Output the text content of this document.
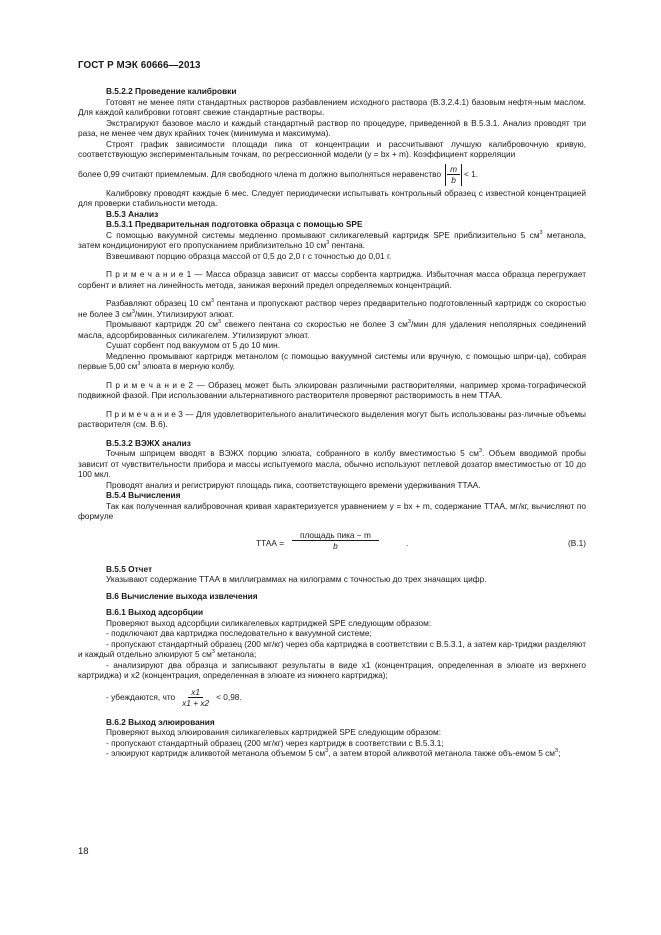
ГОСТ Р МЭК 60666—2013

В.5.2.2 Проведение калибровки

Готовят не менее пяти стандартных растворов разбавлением исходного раствора (В.3.2.4.1) базовым нефтя-ным маслом. Для каждой калибровки готовят свежие стандартные растворы.

Экстрагируют базовое масло и каждый стандартный раствор по процедуре, приведенной в В.5.3.1. Анализ проводят три раза, не менее чем двух крайних точек (минимума и максимума).

Строят график зависимости площади пика от концентрации и рассчитывают лучшую калибровочную кривую, соответствующую экспериментальным точкам, по регрессионной модели (y = bx + m). Коэффициент корреляции

более 0,99 считают приемлемым. Для свободного члена m должно выполняться неравенство $\frac{m}{b} < 1$.

Калибровку проводят каждые 6 мес. Следует периодически испытывать контрольный образец с известной концентрацией для проверки стабильности метода.

В.5.3 Анализ

В.5.3.1 Предварительная подготовка образца с помощью SPE

С помощью вакуумной системы медленно промывают силикагелевый картридж SPE приблизительно 5 $см^3$ метанола, затем кондиционируют его пропусканием приблизительно 10 $см^3$ пентана.

Взвешивают порцию образца массой от 0,5 до 2,0 г с точностью до 0,01 г.

П р и м е ч а н и е 1 — Масса образца зависит от массы сорбента картриджа. Избыточная масса образца перегружает сорбент и влияет на линейность метода, занижая верхний предел определяемых концентраций.

Разбавляют образец 10 $см^3$ пентана и пропускают раствор через предварительно подготовленный картридж со скоростью не более 3 $см^3$/мин. Утилизируют элюат.

Промывают картридж 20 $см^3$ свежего пентана со скоростью не более 3 $см^3$/мин для удаления неполярных соединений масла, адсорбированных силикагелем. Утилизируют элюат.

Сушат сорбент под вакуумом от 5 до 10 мин.

Медленно промывают картридж метанолом (с помощью вакуумной системы или вручную, с помощью шпри-ца), собирая первые 5,00 $см^3$ элюата в мерную колбу.

П р и м е ч а н и е 2 — Образец может быть элюирован различными растворителями, например хрома-тографической подвижной фазой. При использовании альтернативного растворителя проверяют растворимость в нем ТТАА.

П р и м е ч а н и е 3 — Для удовлетворительного аналитического выделения могут быть использованы раз-личные объемы растворителя (см. В.6).

В.5.3.2 ВЭЖХ анализ

Точным шприцем вводят в ВЭЖХ порцию элюата, собранного в колбу вместимостью 5 $см^3$. Объем вводимой пробы зависит от чувствительности прибора и массы испытуемого масла, обычно используют петлевой дозатор вместимостью от 10 до 100 мкл.

Проводят анализ и регистрируют площадь пика, соответствующего времени удерживания ТТАА.

В.5.4 Вычисления

Так как полученная калибровочная кривая характеризуется уравнением y = bx + m, содержание ТТАА, мг/кг, вычисляют по формуле

ТТАА = $\frac{\text{площадь пика − m}}{b}$	.	(В.1)

В.5.5 Отчет

Указывают содержание ТТАА в миллиграммах на килограмм с точностью до трех значащих цифр.

В.6 Вычисление выхода извлечения

В.6.1 Выход адсорбции

Проверяют выход адсорбции силикагелевых картриджей SPE следующим образом:

- подключают два картриджа последовательно к вакуумной системе;

- пропускают стандартный образец (200 мг/кг) через оба картриджа в соответствии с В.5.3.1, а затем кар-триджи разделяют и каждый отдельно элюируют 5 $см^3$ метанола;

- анализируют два образца и записывают результаты в виде x1 (концентрация, определенная в элюате из верхнего картриджа) и x2 (концентрация, определенная в элюате из нижнего картриджа);

- убеждаются, что $\frac{x1}{x1 + x2} < 0,98$.

В.6.2 Выход элюирования

Проверяют выход элюирования силикагелевых картриджей SPE следующим образом:

- пропускают стандартный образец (200 мг/кг) через картридж в соответствии с В.5.3.1;

- элюируют картридж аликвотой метанола объемом 5 $см^3$, а затем второй аликвотой метанола также объ-емом 5 $см^3$;

18
